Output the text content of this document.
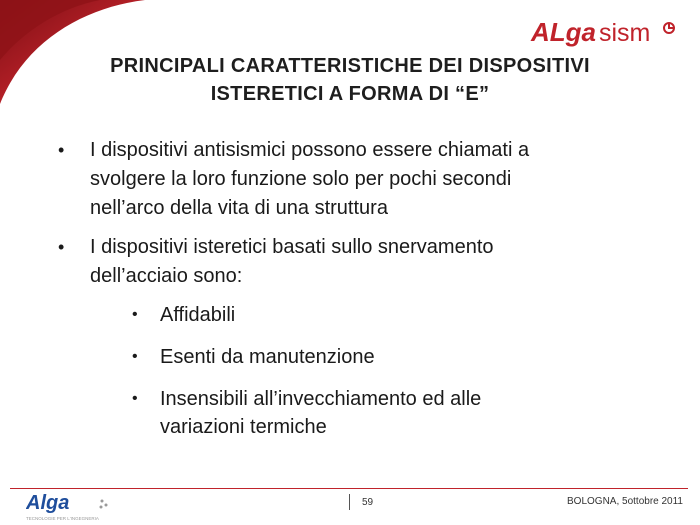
ALga sism
PRINCIPALI CARATTERISTICHE DEI DISPOSITIVI
ISTERETICI A FORMA DI “E”
•	I dispositivi antisismici possono essere chiamati a
svolgere la loro funzione solo per pochi secondi
nell’arco della vita di una struttura
•	I dispositivi isteretici basati sullo snervamento
dell’acciaio sono:
•	Affidabili
•	Esenti da manutenzione
•	Insensibili all’invecchiamento ed alle
variazioni termiche
Alga
TECNOLOGIE PER L'INGEGNERIA
59	BOLOGNA, 5ottobre 2011
